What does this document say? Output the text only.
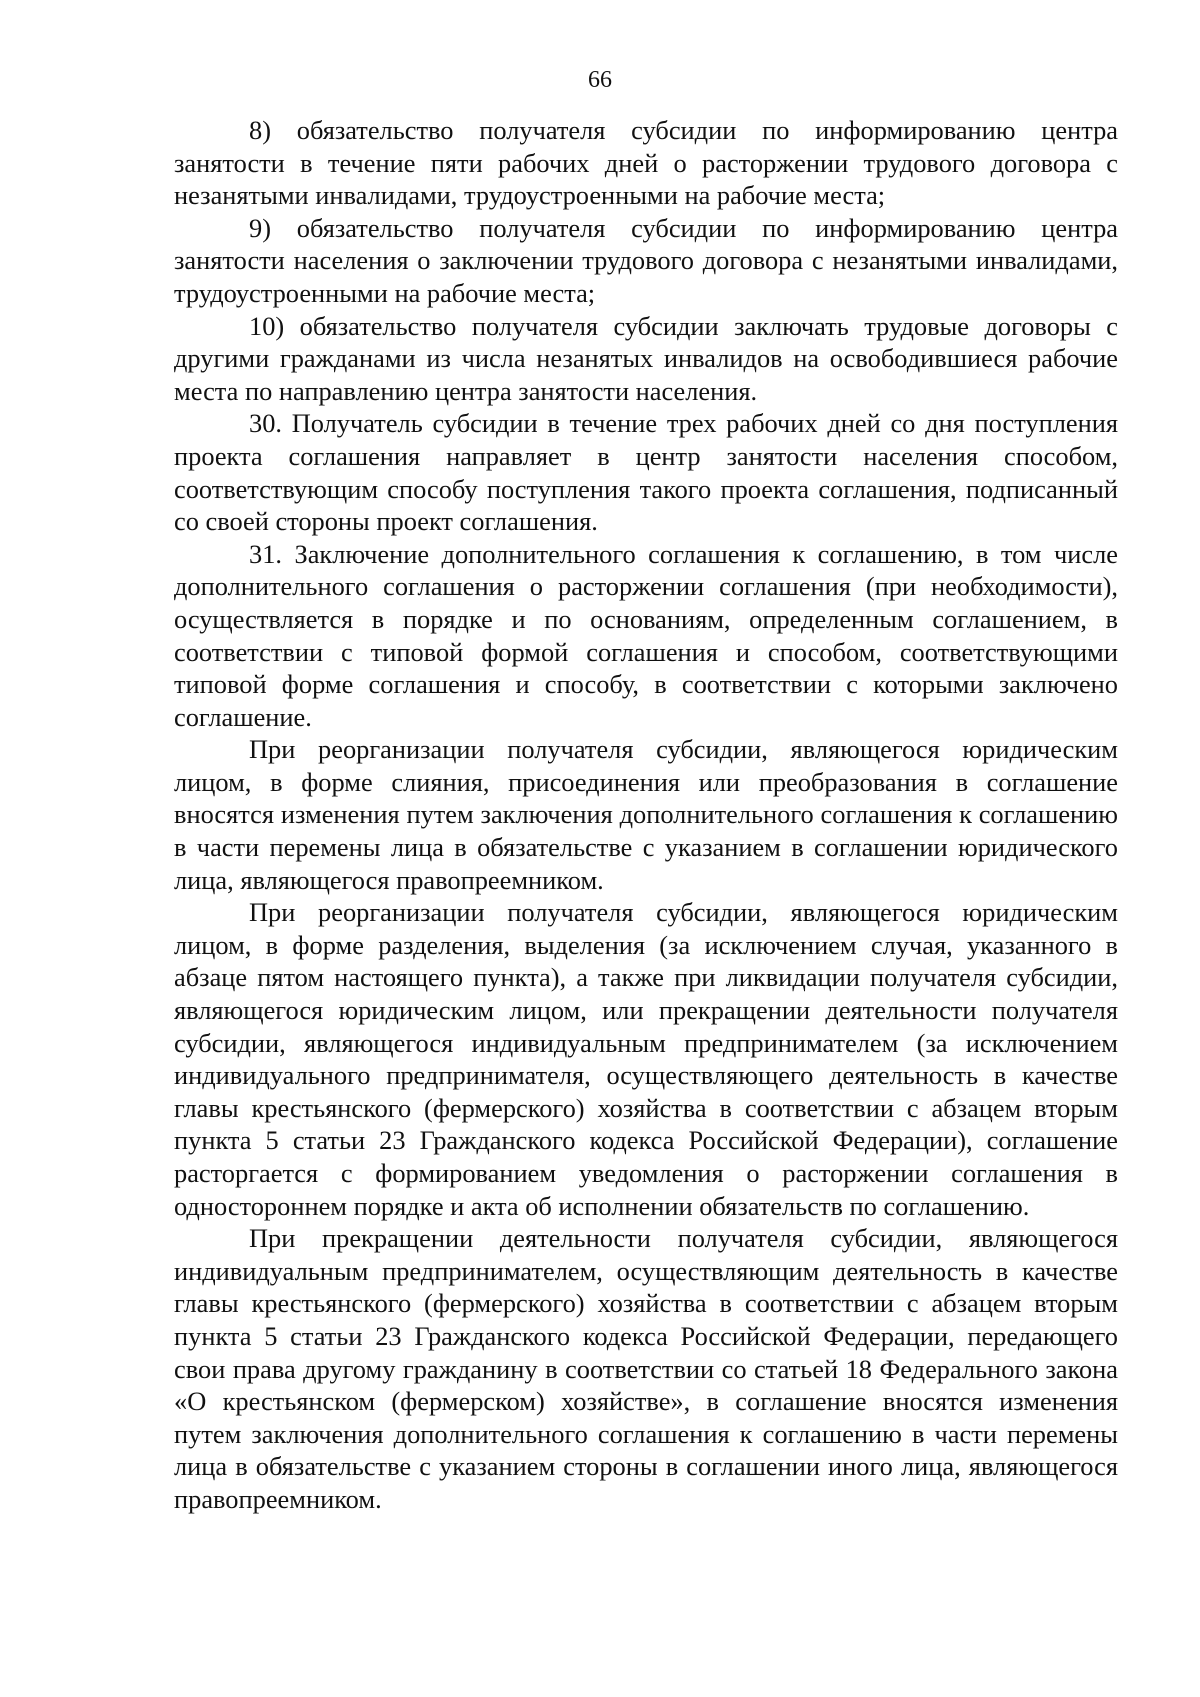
66

8) обязательство получателя субсидии по информированию центра занятости в течение пяти рабочих дней о расторжении трудового договора с незанятыми инвалидами, трудоустроенными на рабочие места;

9) обязательство получателя субсидии по информированию центра занятости населения о заключении трудового договора с незанятыми инвалидами, трудоустроенными на рабочие места;

10) обязательство получателя субсидии заключать трудовые договоры с другими гражданами из числа незанятых инвалидов на освободившиеся рабочие места по направлению центра занятости населения.

30. Получатель субсидии в течение трех рабочих дней со дня поступления проекта соглашения направляет в центр занятости населения способом, соответствующим способу поступления такого проекта соглашения, подписанный со своей стороны проект соглашения.

31. Заключение дополнительного соглашения к соглашению, в том числе дополнительного соглашения о расторжении соглашения (при необходимости), осуществляется в порядке и по основаниям, определенным соглашением, в соответствии с типовой формой соглашения и способом, соответствующими типовой форме соглашения и способу, в соответствии с которыми заключено соглашение.

При реорганизации получателя субсидии, являющегося юридическим лицом, в форме слияния, присоединения или преобразования в соглашение вносятся изменения путем заключения дополнительного соглашения к соглашению в части перемены лица в обязательстве с указанием в соглашении юридического лица, являющегося правопреемником.

При реорганизации получателя субсидии, являющегося юридическим лицом, в форме разделения, выделения (за исключением случая, указанного в абзаце пятом настоящего пункта), а также при ликвидации получателя субсидии, являющегося юридическим лицом, или прекращении деятельности получателя субсидии, являющегося индивидуальным предпринимателем (за исключением индивидуального предпринимателя, осуществляющего деятельность в качестве главы крестьянского (фермерского) хозяйства в соответствии с абзацем вторым пункта 5 статьи 23 Гражданского кодекса Российской Федерации), соглашение расторгается с формированием уведомления о расторжении соглашения в одностороннем порядке и акта об исполнении обязательств по соглашению.

При прекращении деятельности получателя субсидии, являющегося индивидуальным предпринимателем, осуществляющим деятельность в качестве главы крестьянского (фермерского) хозяйства в соответствии с абзацем вторым пункта 5 статьи 23 Гражданского кодекса Российской Федерации, передающего свои права другому гражданину в соответствии со статьей 18 Федерального закона «О крестьянском (фермерском) хозяйстве», в соглашение вносятся изменения путем заключения дополнительного соглашения к соглашению в части перемены лица в обязательстве с указанием стороны в соглашении иного лица, являющегося правопреемником.
